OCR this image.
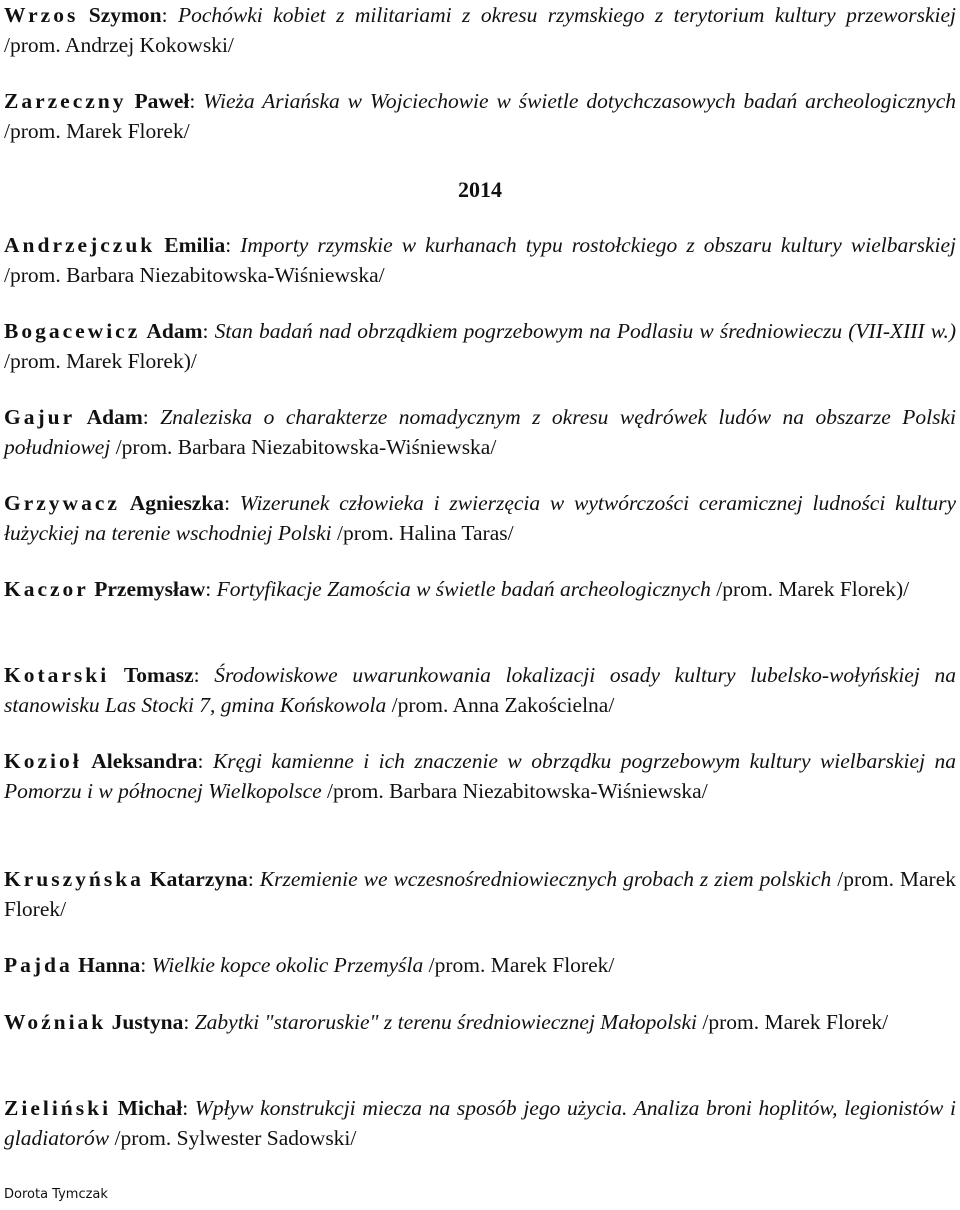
Wrzos Szymon: Pochówki kobiet z militariami z okresu rzymskiego z terytorium kultury przeworskiej /prom. Andrzej Kokowski/

Zarzeczny Paweł: Wieża Ariańska w Wojciechowie w świetle dotychczasowych badań archeologicznych /prom. Marek Florek/

2014

Andrzejczuk Emilia: Importy rzymskie w kurhanach typu rostołckiego z obszaru kultury wielbarskiej /prom. Barbara Niezabitowska-Wiśniewska/

Bogacewicz Adam: Stan badań nad obrządkiem pogrzebowym na Podlasiu w średniowieczu (VII-XIII w.) /prom. Marek Florek)/

Gajur Adam: Znaleziska o charakterze nomadycznym z okresu wędrówek ludów na obszarze Polski południowej /prom. Barbara Niezabitowska-Wiśniewska/

Grzywacz Agnieszka: Wizerunek człowieka i zwierzęcia w wytwórczości ceramicznej ludności kultury łużyckiej na terenie wschodniej Polski /prom. Halina Taras/

Kaczor Przemysław: Fortyfikacje Zamościa w świetle badań archeologicznych /prom. Marek Florek)/

Kotarski Tomasz: Środowiskowe uwarunkowania lokalizacji osady kultury lubelsko-wołyńskiej na stanowisku Las Stocki 7, gmina Końskowola /prom. Anna Zakościelna/

Kozioł Aleksandra: Kręgi kamienne i ich znaczenie w obrządku pogrzebowym kultury wielbarskiej na Pomorzu i w północnej Wielkopolsce /prom. Barbara Niezabitowska-Wiśniewska/

Kruszyńska Katarzyna: Krzemienie we wczesnośredniowiecznych grobach z ziem polskich /prom. Marek Florek/

Pajda Hanna: Wielkie kopce okolic Przemyśla /prom. Marek Florek/

Woźniak Justyna: Zabytki "staroruskie" z terenu średniowiecznej Małopolski /prom. Marek Florek/

Zieliński Michał: Wpływ konstrukcji miecza na sposób jego użycia. Analiza broni hoplitów, legionistów i gladiatorów /prom. Sylwester Sadowski/

Dorota Tymczak
